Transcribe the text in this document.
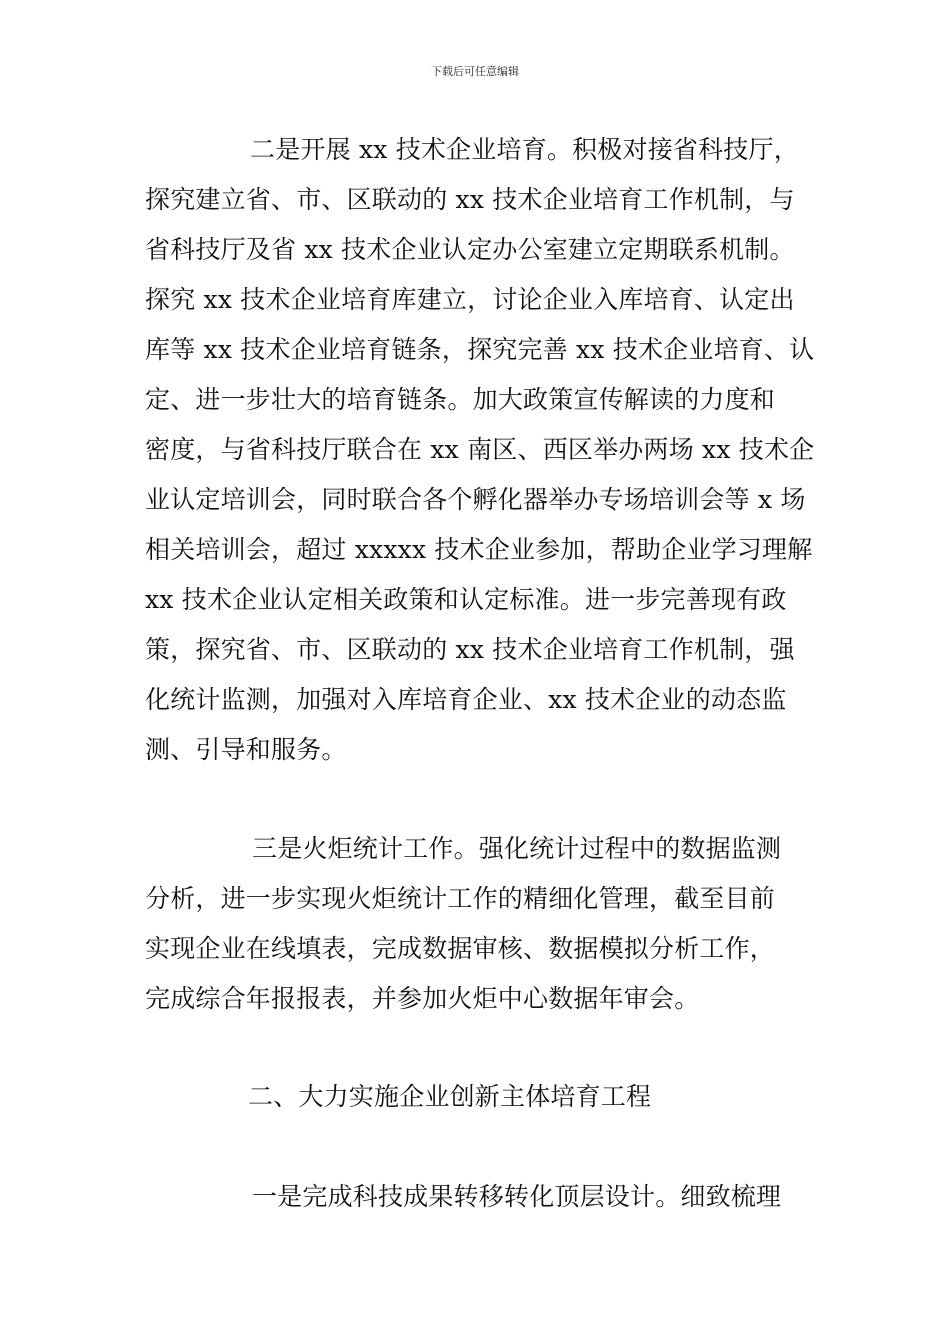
下载后可任意编辑
二是开展 xx 技术企业培育。积极对接省科技厅，
探究建立省、市、区联动的 xx 技术企业培育工作机制，与
省科技厅及省 xx 技术企业认定办公室建立定期联系机制。
探究 xx 技术企业培育库建立，讨论企业入库培育、认定出
库等 xx 技术企业培育链条，探究完善 xx 技术企业培育、认
定、进一步壮大的培育链条。加大政策宣传解读的力度和
密度，与省科技厅联合在 xx 南区、西区举办两场 xx 技术企
业认定培训会，同时联合各个孵化器举办专场培训会等 x 场
相关培训会，超过 xxxxx 技术企业参加，帮助企业学习理解
xx 技术企业认定相关政策和认定标准。进一步完善现有政
策，探究省、市、区联动的 xx 技术企业培育工作机制，强
化统计监测，加强对入库培育企业、xx 技术企业的动态监
测、引导和服务。
三是火炬统计工作。强化统计过程中的数据监测
分析，进一步实现火炬统计工作的精细化管理，截至目前
实现企业在线填表，完成数据审核、数据模拟分析工作，
完成综合年报报表，并参加火炬中心数据年审会。
二、大力实施企业创新主体培育工程
一是完成科技成果转移转化顶层设计。细致梳理
